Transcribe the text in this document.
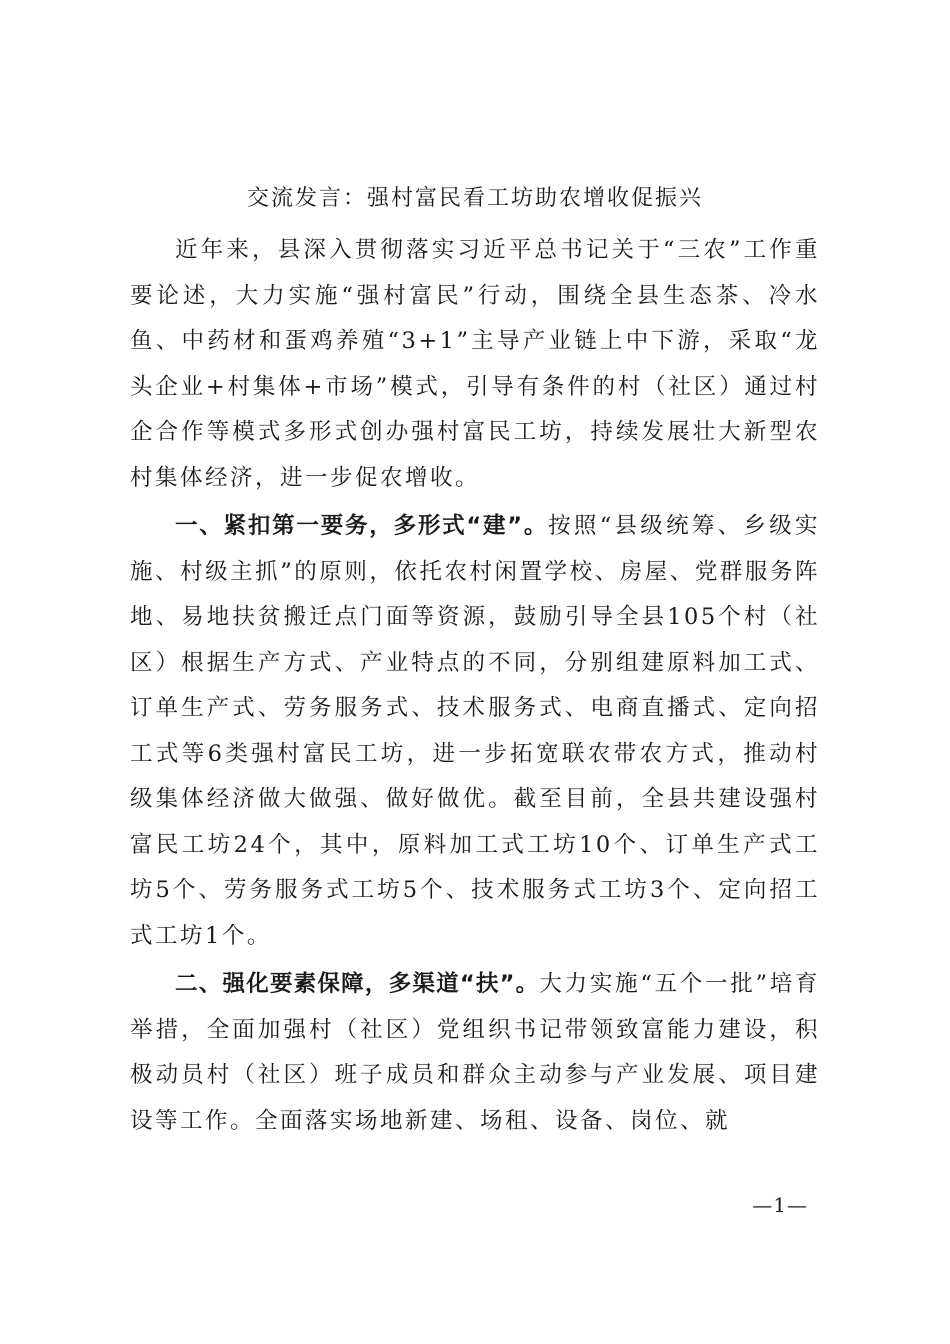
交流发言：强村富民看工坊助农增收促振兴

近年来，县深入贯彻落实习近平总书记关于“三农”工作重要论述，大力实施“强村富民”行动，围绕全县生态茶、冷水鱼、中药材和蛋鸡养殖“3+1”主导产业链上中下游，采取“龙头企业+村集体+市场”模式，引导有条件的村（社区）通过村企合作等模式多形式创办强村富民工坊，持续发展壮大新型农村集体经济，进一步促农增收。

一、紧扣第一要务，多形式“建”。按照“县级统筹、乡级实施、村级主抓”的原则，依托农村闲置学校、房屋、党群服务阵地、易地扶贫搬迁点门面等资源，鼓励引导全县105个村（社区）根据生产方式、产业特点的不同，分别组建原料加工式、订单生产式、劳务服务式、技术服务式、电商直播式、定向招工式等6类强村富民工坊，进一步拓宽联农带农方式，推动村级集体经济做大做强、做好做优。截至目前，全县共建设强村富民工坊24个，其中，原料加工式工坊10个、订单生产式工坊5个、劳务服务式工坊5个、技术服务式工坊3个、定向招工式工坊1个。

二、强化要素保障，多渠道“扶”。大力实施“五个一批”培育举措，全面加强村（社区）党组织书记带领致富能力建设，积极动员村（社区）班子成员和群众主动参与产业发展、项目建设等工作。全面落实场地新建、场租、设备、岗位、就

—1—
